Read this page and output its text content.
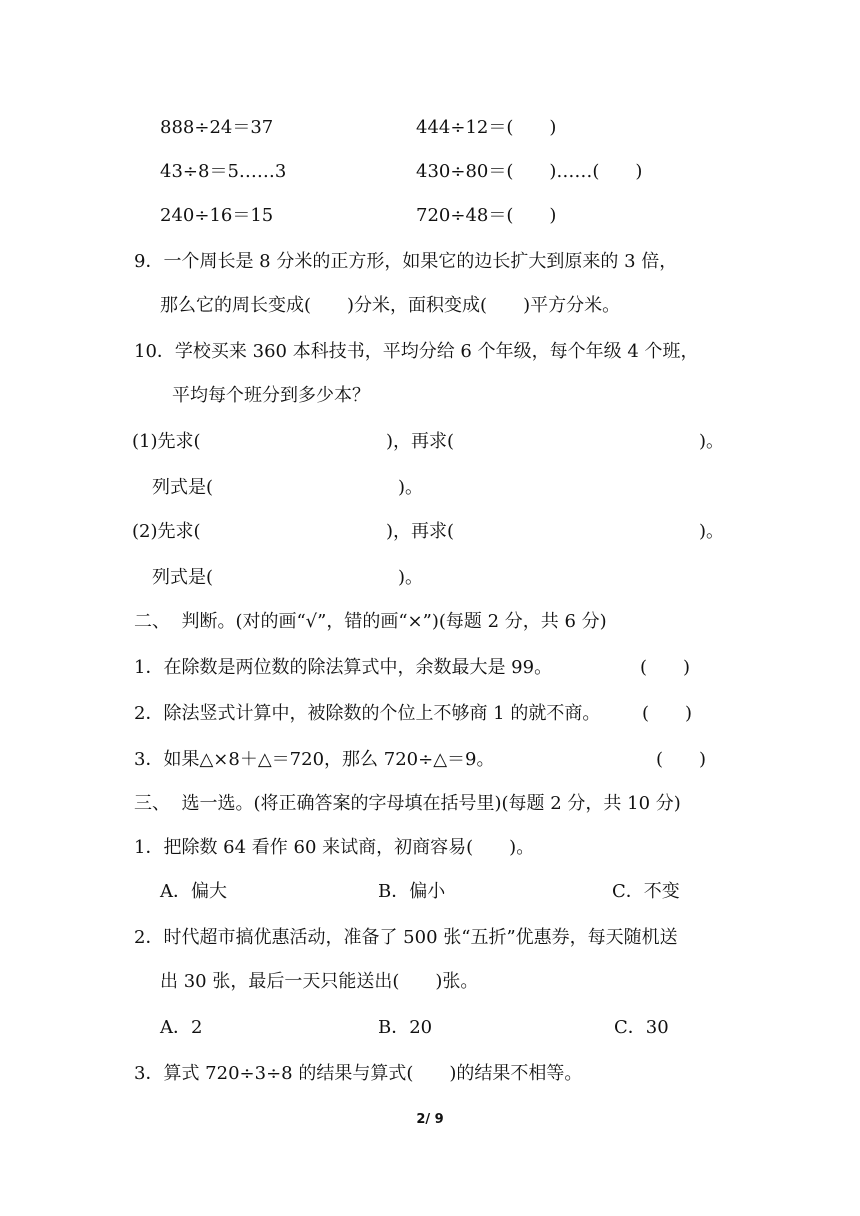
888÷24＝37	444÷12＝(　　)
43÷8＝5……3	430÷80＝(　　)……(　　)
240÷16＝15	720÷48＝(　　)
9．一个周长是 8 分米的正方形，如果它的边长扩大到原来的 3 倍，
那么它的周长变成(　　)分米，面积变成(　　)平方分米。
10．学校买来 360 本科技书，平均分给 6 个年级，每个年级 4 个班，
平均每个班分到多少本？
(1)先求(	)，再求(	)。
列式是(	)。
(2)先求(	)，再求(	)。
列式是(	)。
二、  判断。(对的画“√”，错的画“×”)(每题 2 分，共 6 分)
1．在除数是两位数的除法算式中，余数最大是 99。	(　　)
2．除法竖式计算中，被除数的个位上不够商 1 的就不商。 (　　)
3．如果△×8＋△＝720，那么 720÷△＝9。	(　　)
三、  选一选。(将正确答案的字母填在括号里)(每题 2 分，共 10 分)
1．把除数 64 看作 60 来试商，初商容易(　　)。
A．偏大	B．偏小	C．不变
2．时代超市搞优惠活动，准备了 500 张“五折”优惠券，每天随机送
出 30 张，最后一天只能送出(　　)张。
A．2	B．20	C．30
3．算式 720÷3÷8 的结果与算式(　　)的结果不相等。
2/ 9
